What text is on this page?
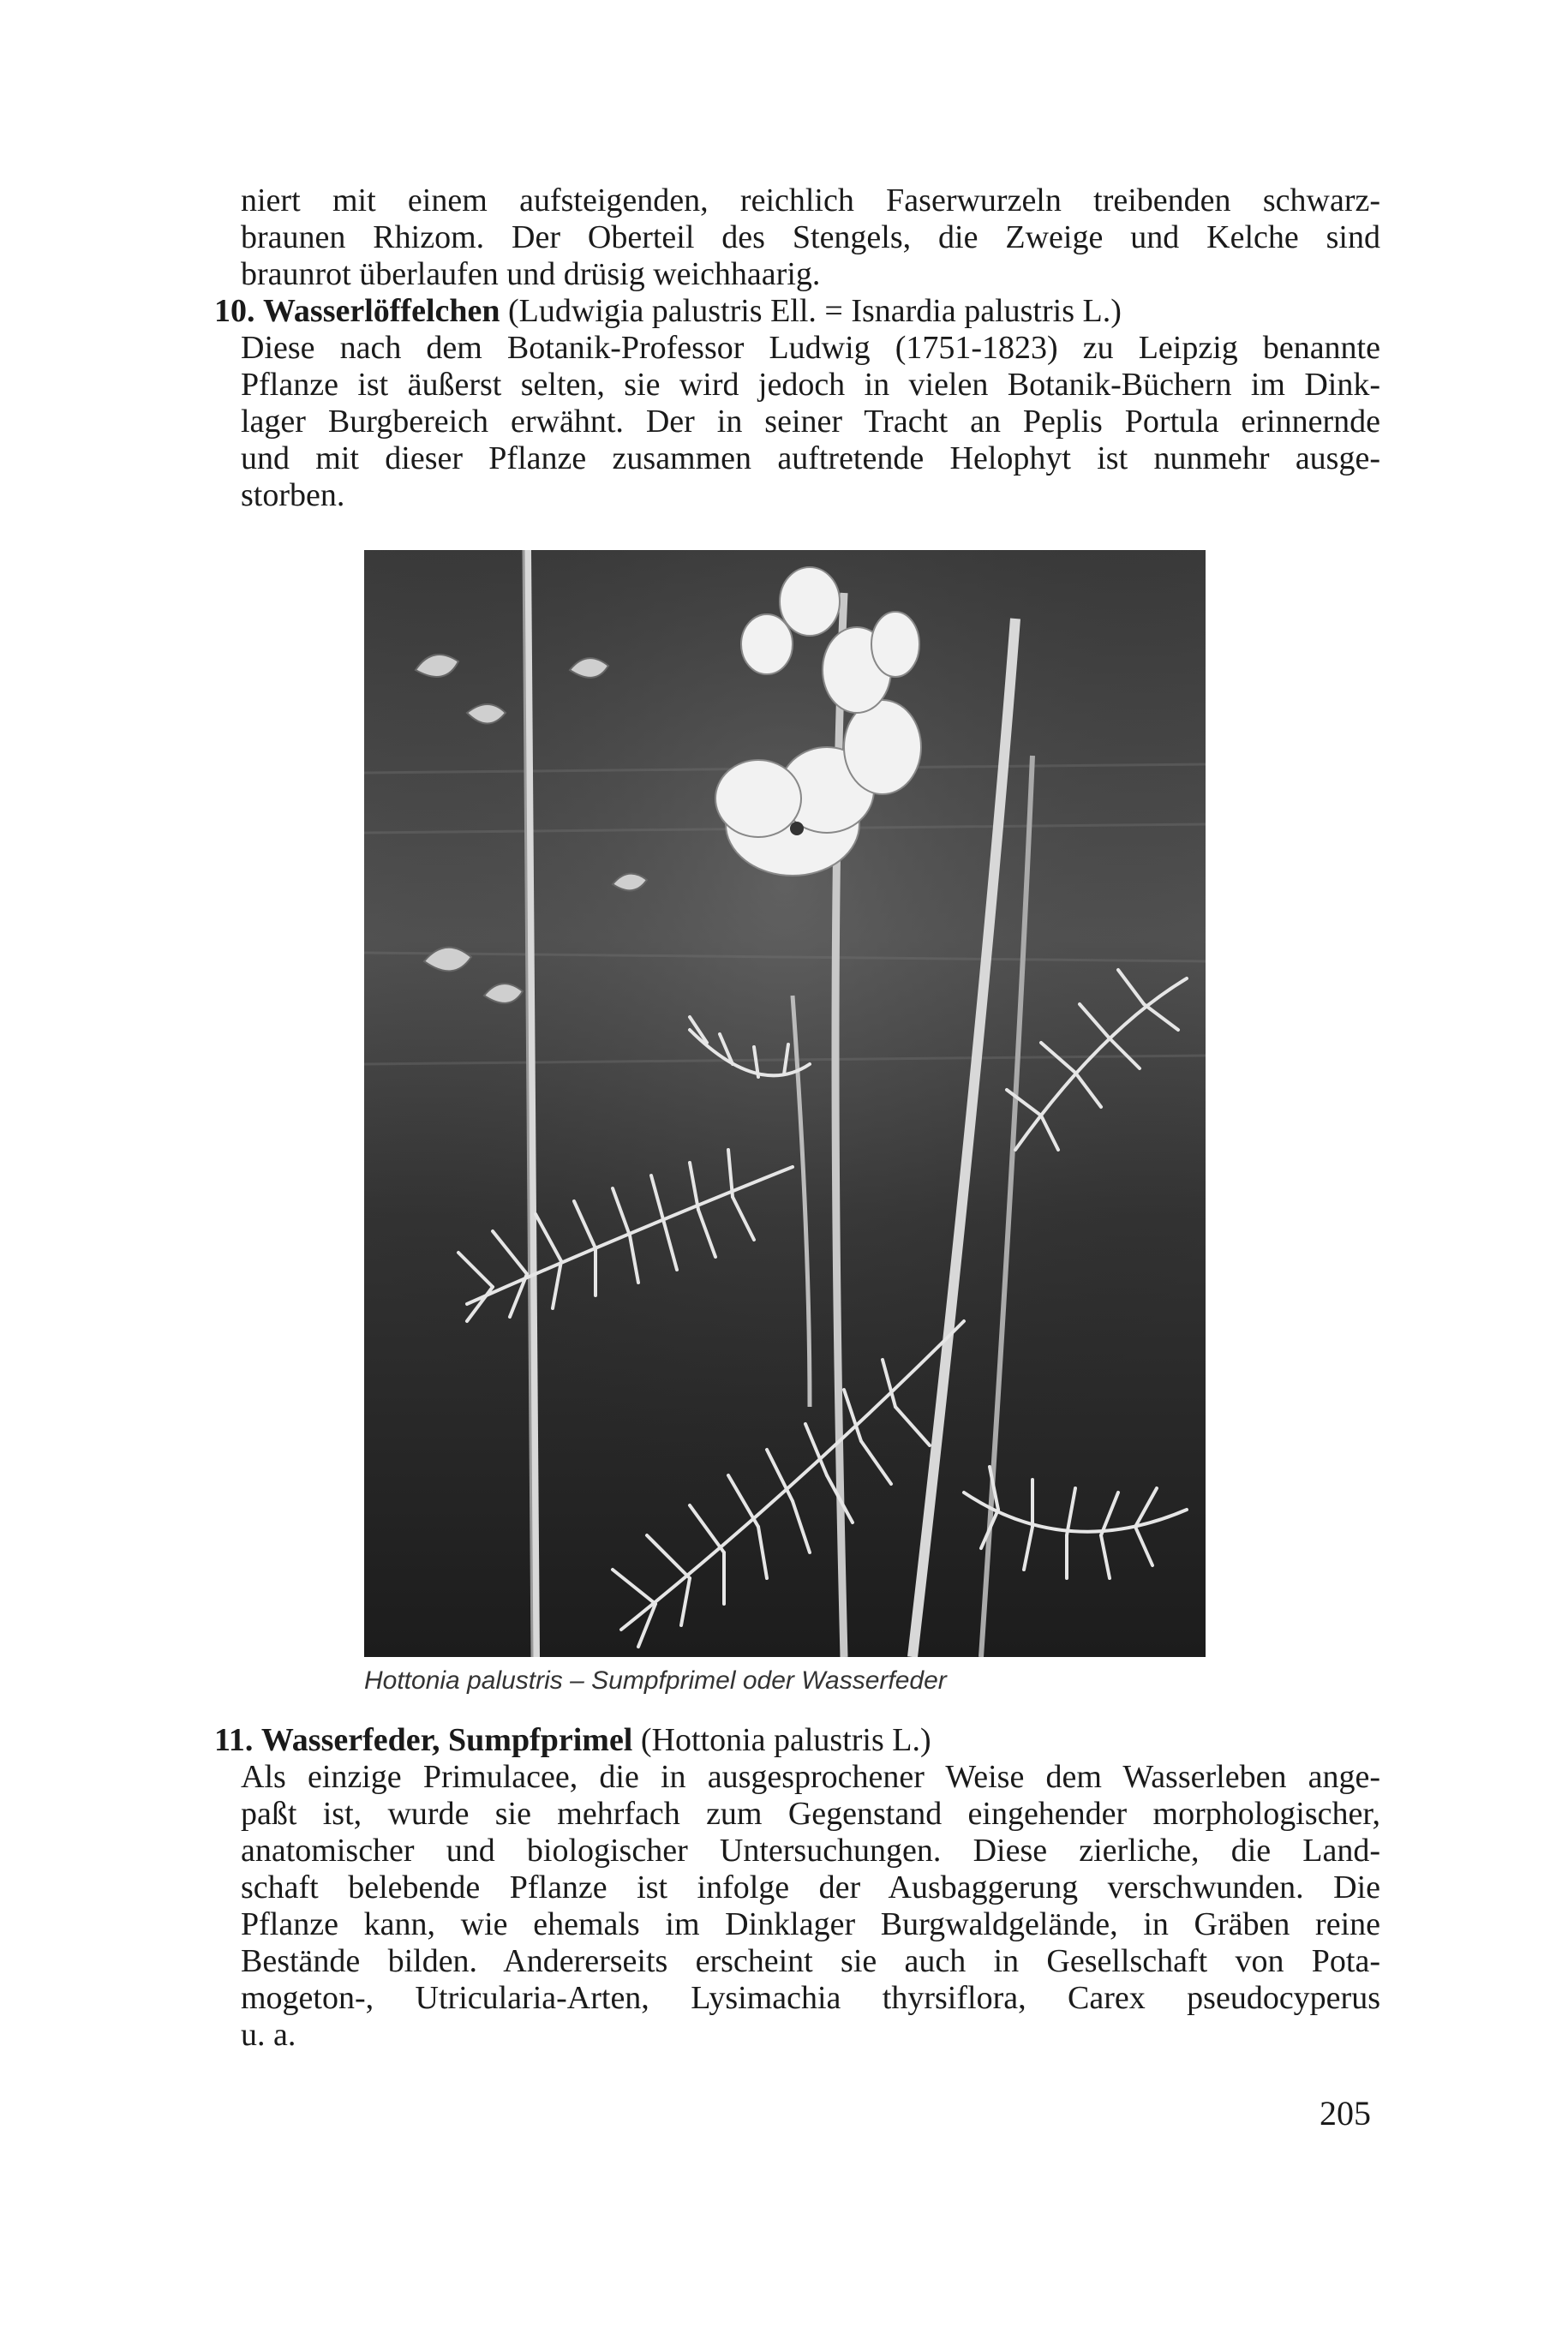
niert mit einem aufsteigenden, reichlich Faserwurzeln treibenden schwarz-
braunen Rhizom. Der Oberteil des Stengels, die Zweige und Kelche sind
braunrot überlaufen und drüsig weichhaarig.
10. Wasserlöffelchen (Ludwigia palustris Ell. = Isnardia palustris L.)
Diese nach dem Botanik-Professor Ludwig (1751-1823) zu Leipzig benannte
Pflanze ist äußerst selten, sie wird jedoch in vielen Botanik-Büchern im Dink-
lager Burgbereich erwähnt. Der in seiner Tracht an Peplis Portula erinnernde
und mit dieser Pflanze zusammen auftretende Helophyt ist nunmehr ausge-
storben.
Hottonia palustris – Sumpfprimel oder Wasserfeder
11. Wasserfeder, Sumpfprimel (Hottonia palustris L.)
Als einzige Primulacee, die in ausgesprochener Weise dem Wasserleben ange-
paßt ist, wurde sie mehrfach zum Gegenstand eingehender morphologischer,
anatomischer und biologischer Untersuchungen. Diese zierliche, die Land-
schaft belebende Pflanze ist infolge der Ausbaggerung verschwunden. Die
Pflanze kann, wie ehemals im Dinklager Burgwaldgelände, in Gräben reine
Bestände bilden. Andererseits erscheint sie auch in Gesellschaft von Pota-
mogeton-, Utricularia-Arten, Lysimachia thyrsiflora, Carex pseudocyperus
u. a.
205
